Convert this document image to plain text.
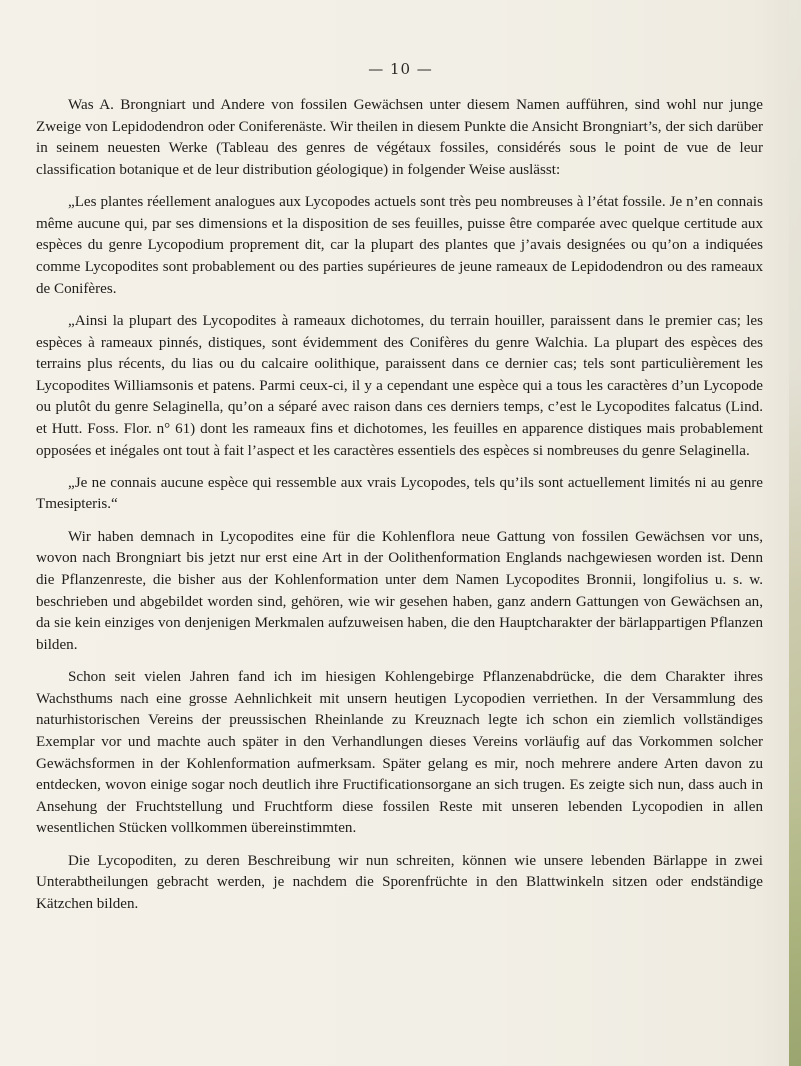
— 10 —

Was A. Brongniart und Andere von fossilen Gewächsen unter diesem Namen aufführen, sind wohl nur junge Zweige von Lepidodendron oder Coniferenäste. Wir theilen in diesem Punkte die Ansicht Brongniart’s, der sich darüber in seinem neuesten Werke (Tableau des genres de végétaux fossiles, considérés sous le point de vue de leur classification botanique et de leur distribution géologique) in folgender Weise auslässt:

„Les plantes réellement analogues aux Lycopodes actuels sont très peu nombreuses à l’état fossile. Je n’en connais même aucune qui, par ses dimensions et la disposition de ses feuilles, puisse être comparée avec quelque certitude aux espèces du genre Lycopodium proprement dit, car la plupart des plantes que j’avais designées ou qu’on a indiquées comme Lycopodites sont probablement ou des parties supérieures de jeune rameaux de Lepidodendron ou des rameaux de Conifères.

„Ainsi la plupart des Lycopodites à rameaux dichotomes, du terrain houiller, paraissent dans le premier cas; les espèces à rameaux pinnés, distiques, sont évidemment des Conifères du genre Walchia. La plupart des espèces des terrains plus récents, du lias ou du calcaire oolithique, paraissent dans ce dernier cas; tels sont particulièrement les Lycopodites Williamsonis et patens. Parmi ceux-ci, il y a cependant une espèce qui a tous les caractères d’un Lycopode ou plutôt du genre Selaginella, qu’on a séparé avec raison dans ces derniers temps, c’est le Lycopodites falcatus (Lind. et Hutt. Foss. Flor. n° 61) dont les rameaux fins et dichotomes, les feuilles en apparence distiques mais probablement opposées et inégales ont tout à fait l’aspect et les caractères essentiels des espèces si nombreuses du genre Selaginella.

„Je ne connais aucune espèce qui ressemble aux vrais Lycopodes, tels qu’ils sont actuellement limités ni au genre Tmesipteris.“

Wir haben demnach in Lycopodites eine für die Kohlenflora neue Gattung von fossilen Gewächsen vor uns, wovon nach Brongniart bis jetzt nur erst eine Art in der Oolithenformation Englands nachgewiesen worden ist. Denn die Pflanzenreste, die bisher aus der Kohlenformation unter dem Namen Lycopodites Bronnii, longifolius u. s. w. beschrieben und abgebildet worden sind, gehören, wie wir gesehen haben, ganz andern Gattungen von Gewächsen an, da sie kein einziges von denjenigen Merkmalen aufzuweisen haben, die den Hauptcharakter der bärlappartigen Pflanzen bilden.

Schon seit vielen Jahren fand ich im hiesigen Kohlengebirge Pflanzenabdrücke, die dem Charakter ihres Wachsthums nach eine grosse Aehnlichkeit mit unsern heutigen Lycopodien verriethen. In der Versammlung des naturhistorischen Vereins der preussischen Rheinlande zu Kreuznach legte ich schon ein ziemlich vollständiges Exemplar vor und machte auch später in den Verhandlungen dieses Vereins vorläufig auf das Vorkommen solcher Gewächsformen in der Kohlenformation aufmerksam. Später gelang es mir, noch mehrere andere Arten davon zu entdecken, wovon einige sogar noch deutlich ihre Fructificationsorgane an sich trugen. Es zeigte sich nun, dass auch in Ansehung der Fruchtstellung und Fruchtform diese fossilen Reste mit unseren lebenden Lycopodien in allen wesentlichen Stücken vollkommen übereinstimmten.

Die Lycopoditen, zu deren Beschreibung wir nun schreiten, können wie unsere lebenden Bärlappe in zwei Unterabtheilungen gebracht werden, je nachdem die Sporenfrüchte in den Blattwinkeln sitzen oder endständige Kätzchen bilden.
